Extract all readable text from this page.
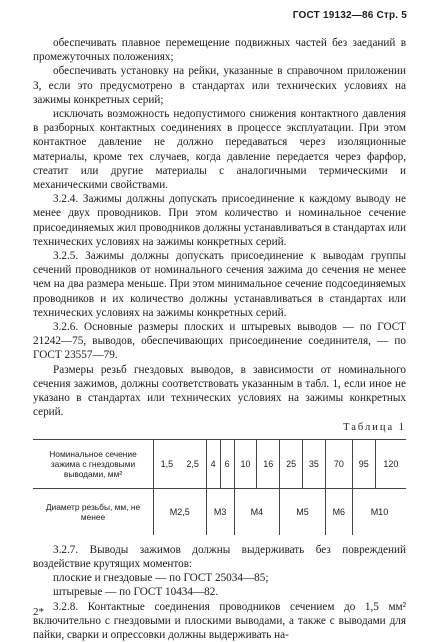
ГОСТ 19132—86 Стр. 5

обеспечивать плавное перемещение подвижных частей без заеданий в промежуточных положениях;

обеспечивать установку на рейки, указанные в справочном приложении 3, если это предусмотрено в стандартах или технических условиях на зажимы конкретных серий;

исключать возможность недопустимого снижения контактного давления в разборных контактных соединениях в процессе эксплуатации. При этом контактное давление не должно передаваться через изоляционные материалы, кроме тех случаев, когда давление передается через фарфор, стеатит или другие материалы с аналогичными термическими и механическими свойствами.

3.2.4. Зажимы должны допускать присоединение к каждому выводу не менее двух проводников. При этом количество и номинальное сечение присоединяемых жил проводников должны устанавливаться в стандартах или технических условиях на зажимы конкретных серий.

3.2.5. Зажимы должны допускать присоединение к выводам группы сечений проводников от номинального сечения зажима до сечения не менее чем на два размера меньше. При этом минимальное сечение подсоединяемых проводников и их количество должны устанавливаться в стандартах или технических условиях на зажимы конкретных серий.

3.2.6. Основные размеры плоских и штыревых выводов — по ГОСТ 21242—75, выводов, обеспечивающих присоединение соединителя, — по ГОСТ 23557—79.

Размеры резьб гнездовых выводов, в зависимости от номинального сечения зажимов, должны соответствовать указанным в табл. 1, если иное не указано в стандартах или технических условиях на зажимы конкретных серий.

Таблица 1
Номинальное сечение зажима с гнездовыми выводами, мм²	1,5	2,5	4	6	10	16	25	35	70	95	120
Диаметр резьбы, мм, не менее	М2,5		М3		М4		М5		М6	М10	

3.2.7. Выводы зажимов должны выдерживать без повреждений воздействие крутящих моментов:

плоские и гнездовые — по ГОСТ 25034—85;

штыревые — по ГОСТ 10434—82.

3.2.8. Контактные соединения проводников сечением до 1,5 мм² включительно с гнездовыми и плоскими выводами, а также с выводами для пайки, сварки и опрессовки должны выдерживать на-

2*
